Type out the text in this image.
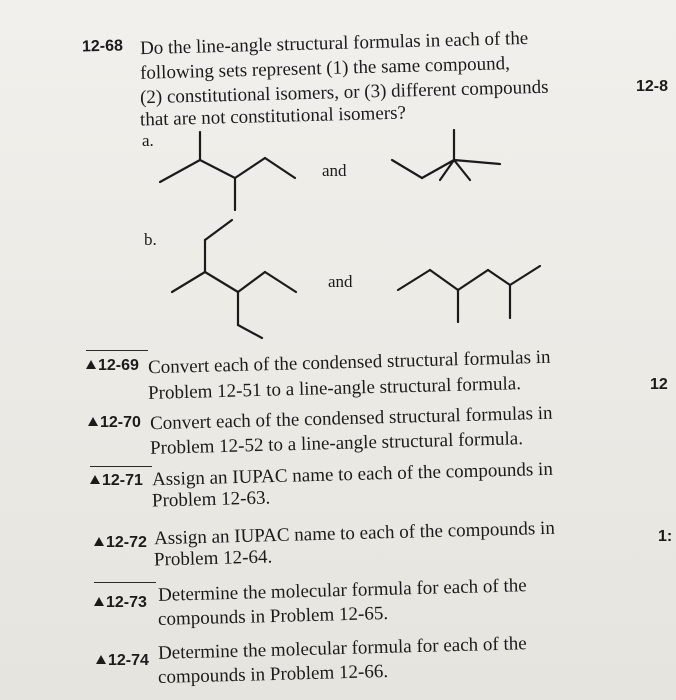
12-68 Do the line-angle structural formulas in each of the
following sets represent (1) the same compound,
(2) constitutional isomers, or (3) different compounds
that are not constitutional isomers?
12-8
a.
and
b.
and
12-69 Convert each of the condensed structural formulas in
Problem 12-51 to a line-angle structural formula.	12
12-70 Convert each of the condensed structural formulas in
Problem 12-52 to a line-angle structural formula.
12-71 Assign an IUPAC name to each of the compounds in
Problem 12-63.
12-72 Assign an IUPAC name to each of the compounds in
Problem 12-64.
1:
12-73 Determine the molecular formula for each of the
compounds in Problem 12-65.
12-74 Determine the molecular formula for each of the
compounds in Problem 12-66.
